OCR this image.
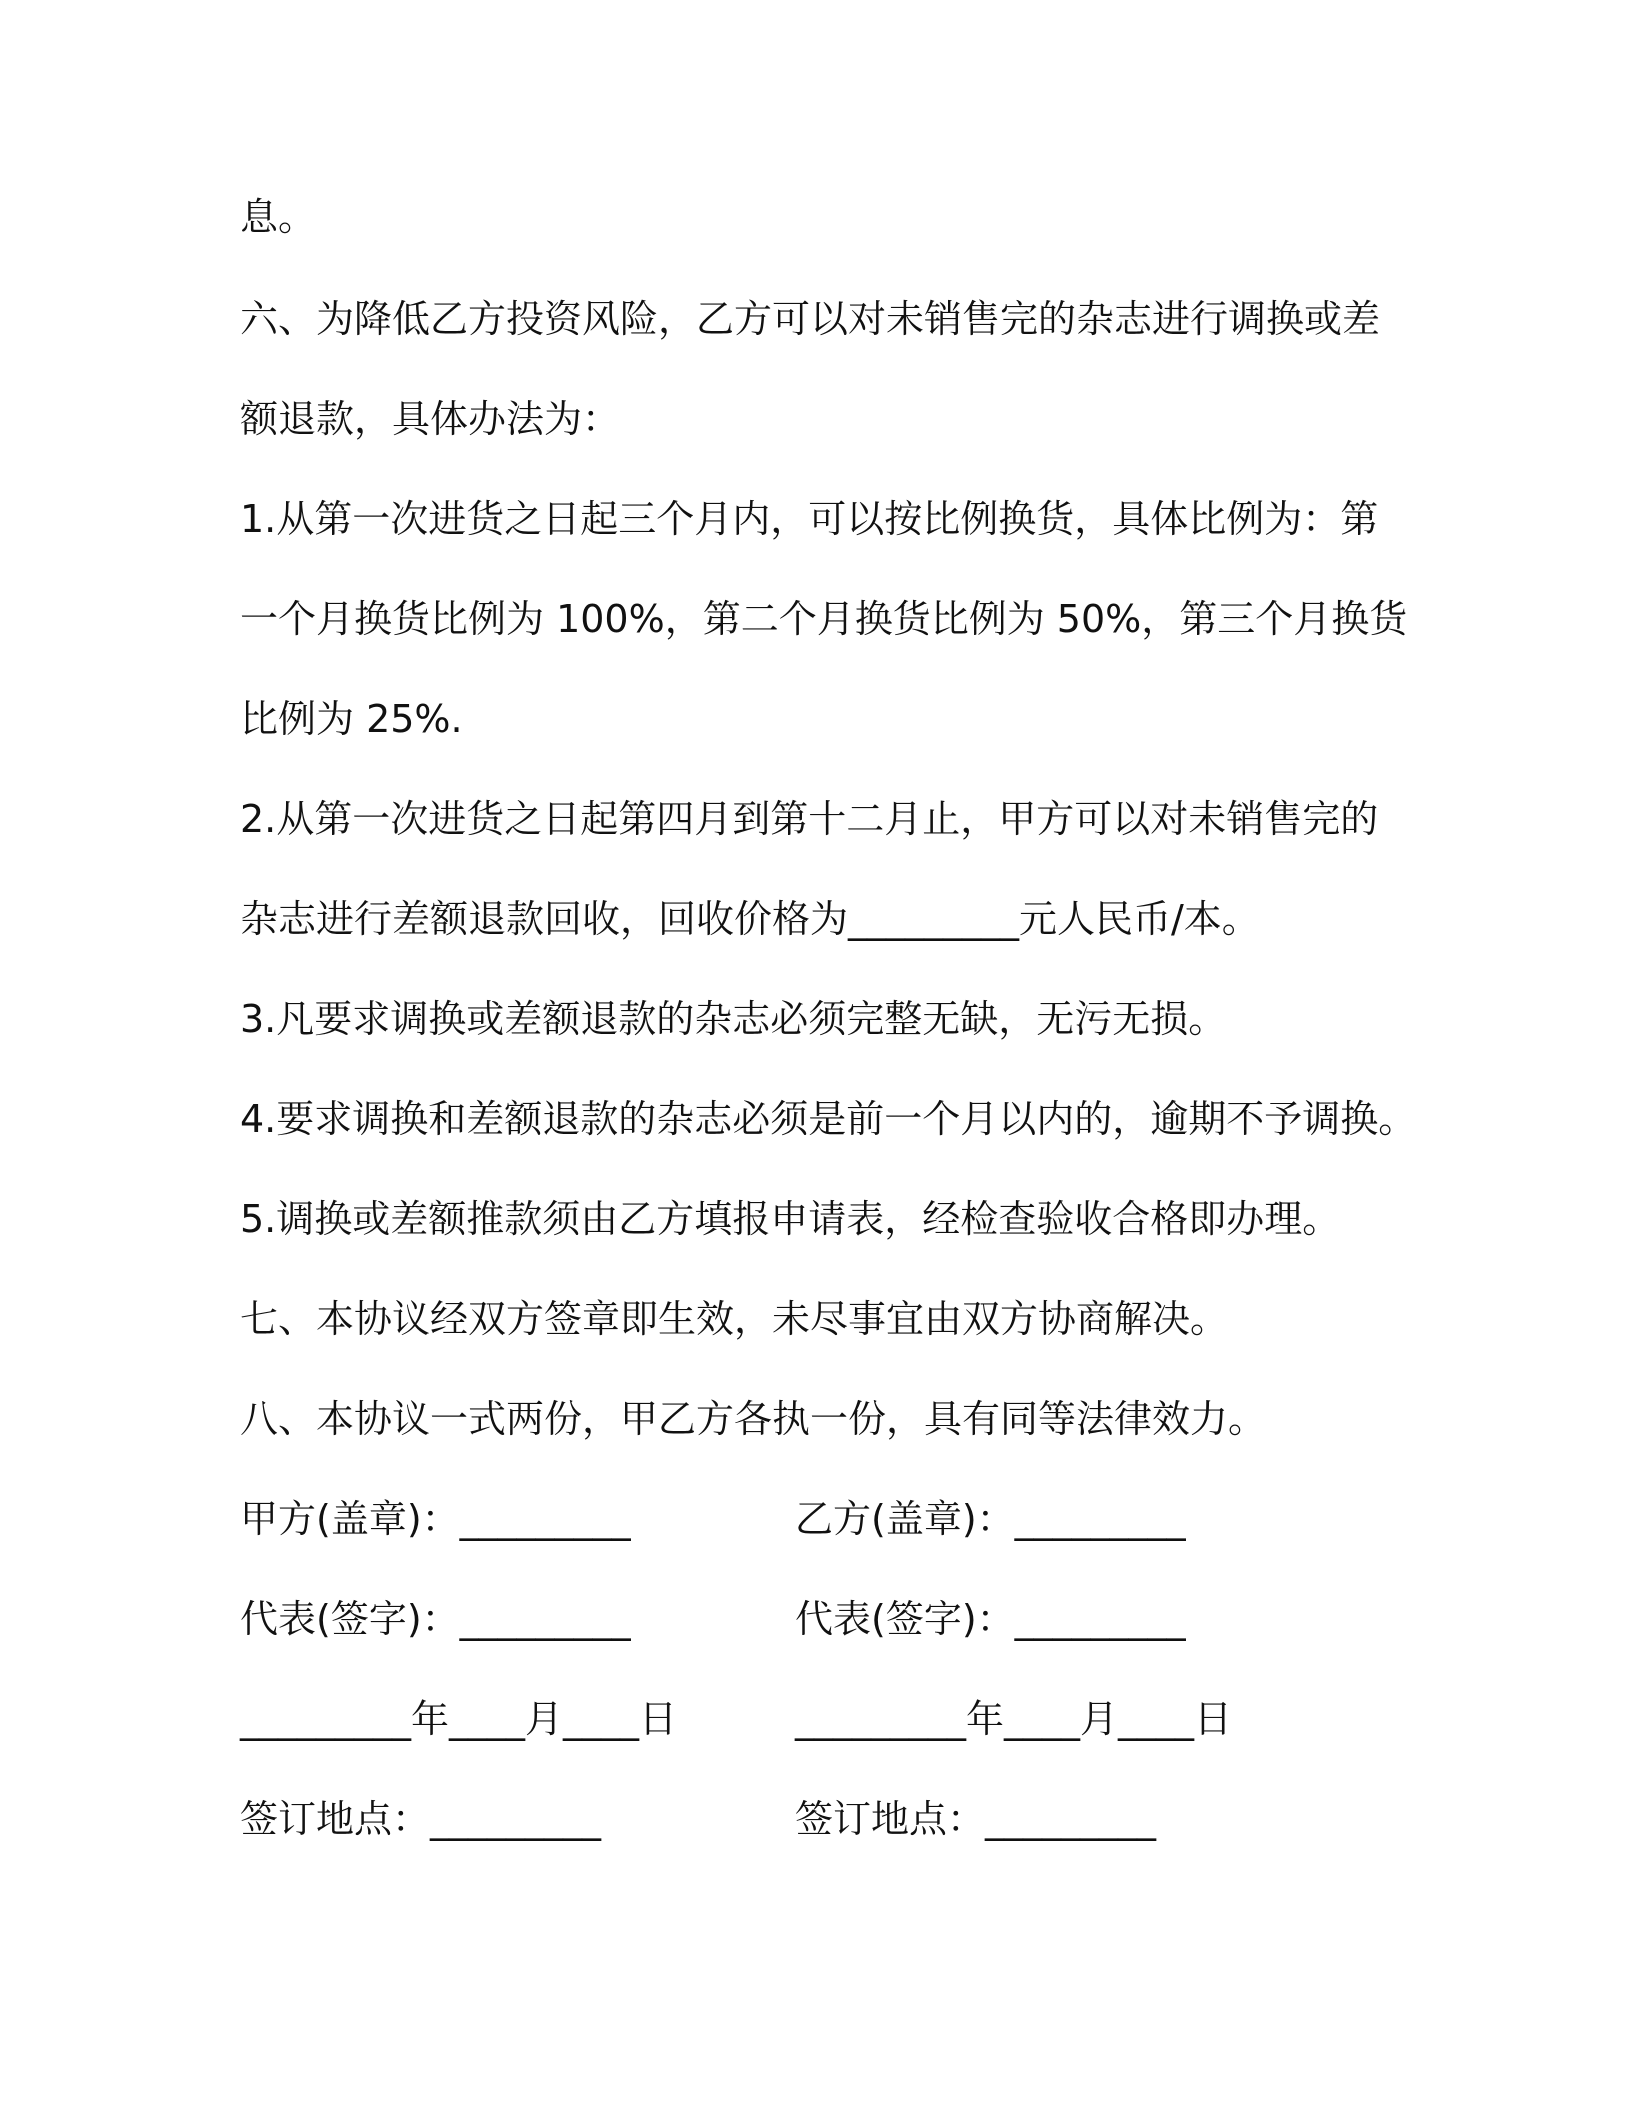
息。
六、为降低乙方投资风险，乙方可以对未销售完的杂志进行调换或差
额退款，具体办法为：
1.从第一次进货之日起三个月内，可以按比例换货，具体比例为：第
一个月换货比例为 100%，第二个月换货比例为 50%，第三个月换货
比例为 25%.
2.从第一次进货之日起第四月到第十二月止，甲方可以对未销售完的
杂志进行差额退款回收，回收价格为_________元人民币/本。
3.凡要求调换或差额退款的杂志必须完整无缺，无污无损。
4.要求调换和差额退款的杂志必须是前一个月以内的，逾期不予调换。
5.调换或差额推款须由乙方填报申请表，经检查验收合格即办理。
七、本协议经双方签章即生效，未尽事宜由双方协商解决。
八、本协议一式两份，甲乙方各执一份，具有同等法律效力。
甲方(盖章)：_________	乙方(盖章)：_________
代表(签字)：_________	代表(签字)：_________
_________年____月____日	_________年____月____日
签订地点：_________	签订地点：_________
